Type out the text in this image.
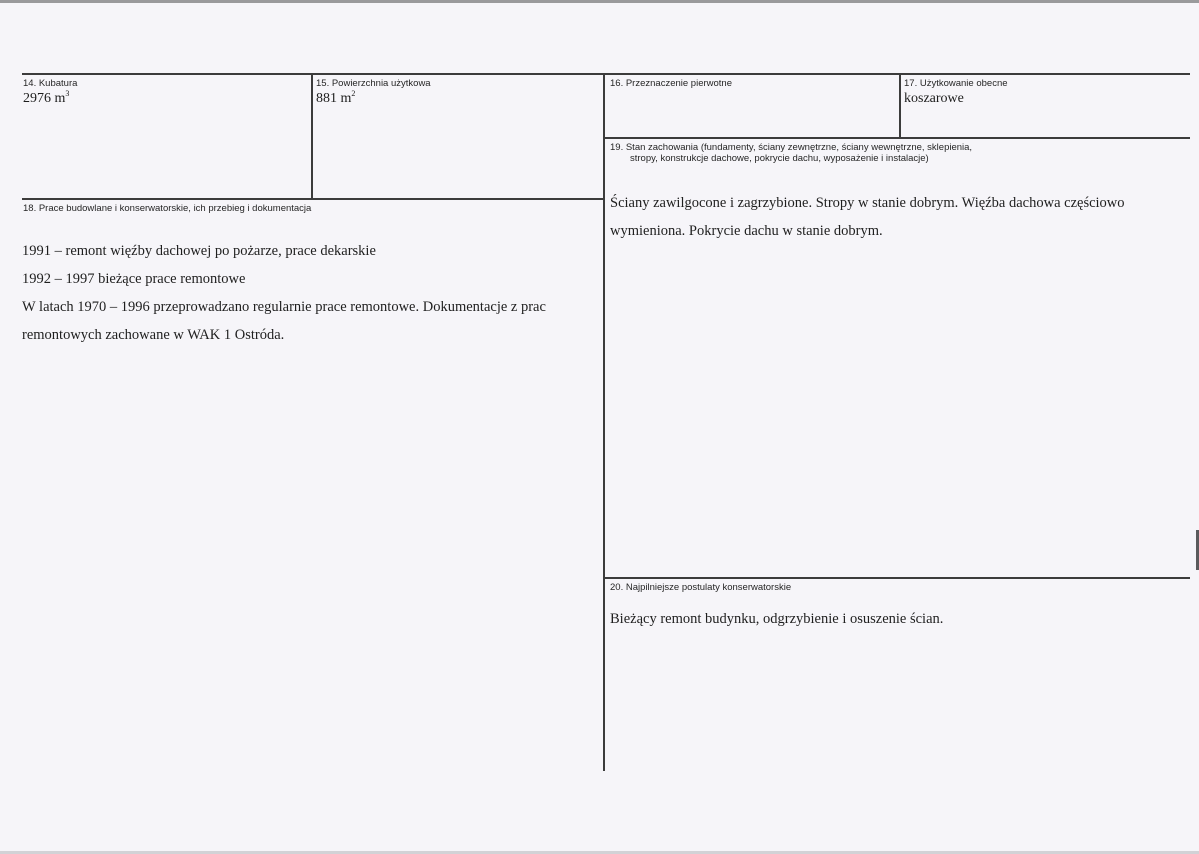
14. Kubatura
2976 $m^3$
15. Powierzchnia użytkowa
881 $m^2$
16. Przeznaczenie pierwotne	17. Użytkowanie obecne
koszarowe
19. Stan zachowania (fundamenty, ściany zewnętrzne, ściany wewnętrzne, sklepienia,
stropy, konstrukcje dachowe, pokrycie dachu, wyposażenie i instalacje)
Ściany zawilgocone i zagrzybione. Stropy w stanie dobrym. Więźba dachowa częściowo
wymieniona. Pokrycie dachu w stanie dobrym.
18. Prace budowlane i konserwatorskie, ich przebieg i dokumentacja
1991 – remont więźby dachowej po pożarze, prace dekarskie
1992 – 1997 bieżące prace remontowe
W latach 1970 – 1996 przeprowadzano regularnie prace remontowe. Dokumentacje z prac
remontowych zachowane w WAK 1 Ostróda.
20. Najpilniejsze postulaty konserwatorskie
Bieżący remont budynku, odgrzybienie i osuszenie ścian.
